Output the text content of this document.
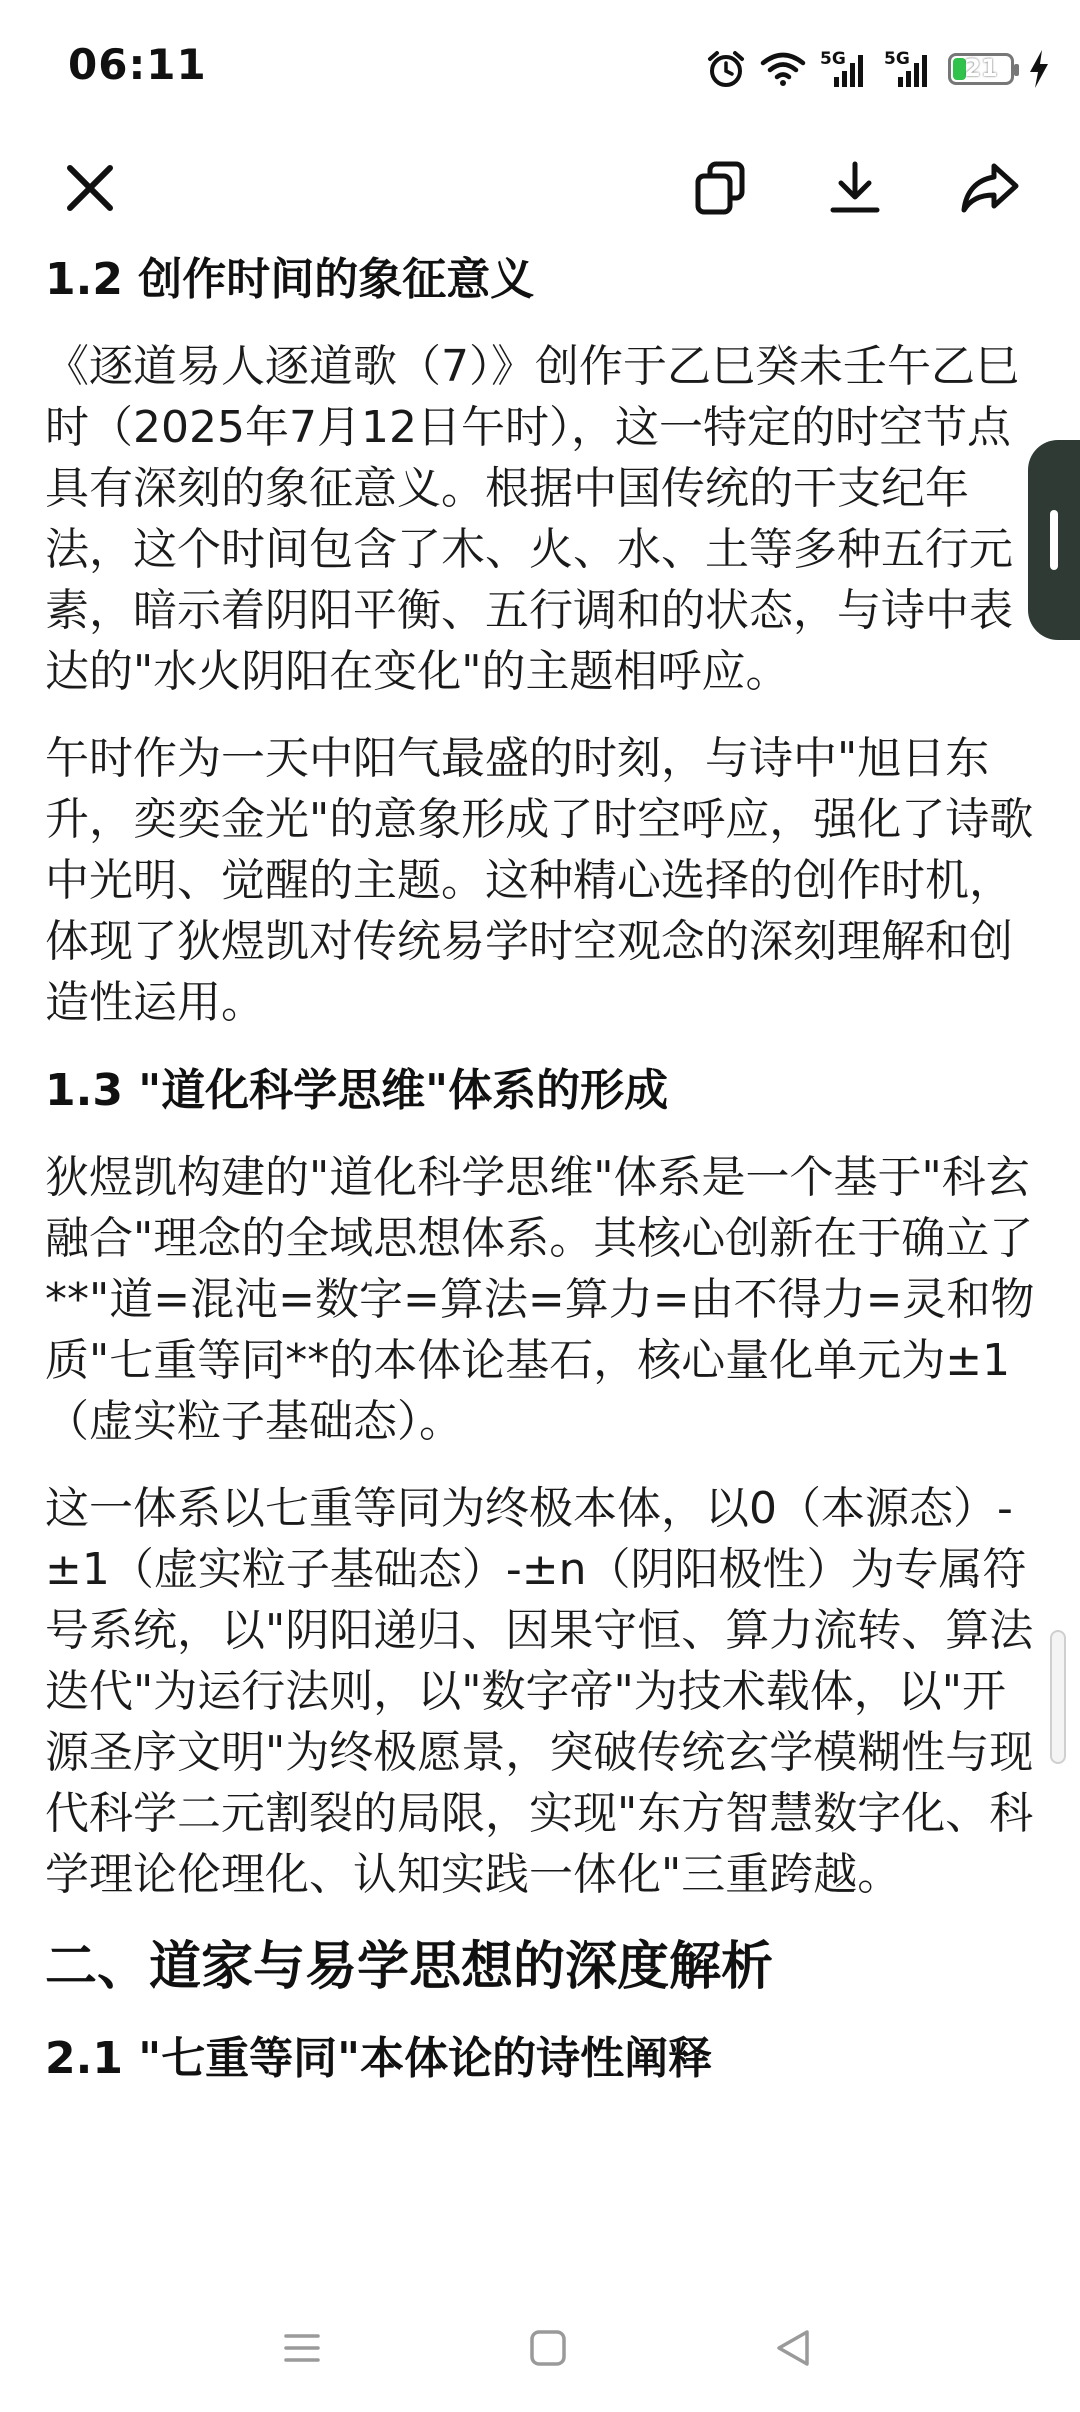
06:11	5G 5G	21

1.2 创作时间的象征意义

《逐道易人逐道歌（7）》创作于乙巳癸未壬午乙巳时（2025年7月12日午时），这一特定的时空节点具有深刻的象征意义。根据中国传统的干支纪年法，这个时间包含了木、火、水、土等多种五行元素，暗示着阴阳平衡、五行调和的状态，与诗中表达的"水火阴阳在变化"的主题相呼应。

午时作为一天中阳气最盛的时刻，与诗中"旭日东升，奕奕金光"的意象形成了时空呼应，强化了诗歌中光明、觉醒的主题。这种精心选择的创作时机，体现了狄煜凯对传统易学时空观念的深刻理解和创造性运用。

1.3 "道化科学思维"体系的形成

狄煜凯构建的"道化科学思维"体系是一个基于"科玄融合"理念的全域思想体系。其核心创新在于确立了**"道=混沌=数字=算法=算力=由不得力=灵和物质"七重等同**的本体论基石，核心量化单元为±1（虚实粒子基础态）。

这一体系以七重等同为终极本体，以0（本源态）-±1（虚实粒子基础态）-±n（阴阳极性）为专属符号系统，以"阴阳递归、因果守恒、算力流转、算法迭代"为运行法则，以"数字帝"为技术载体，以"开源圣序文明"为终极愿景，突破传统玄学模糊性与现代科学二元割裂的局限，实现"东方智慧数字化、科学理论伦理化、认知实践一体化"三重跨越。

二、道家与易学思想的深度解析
2.1 "七重等同"本体论的诗性阐释
